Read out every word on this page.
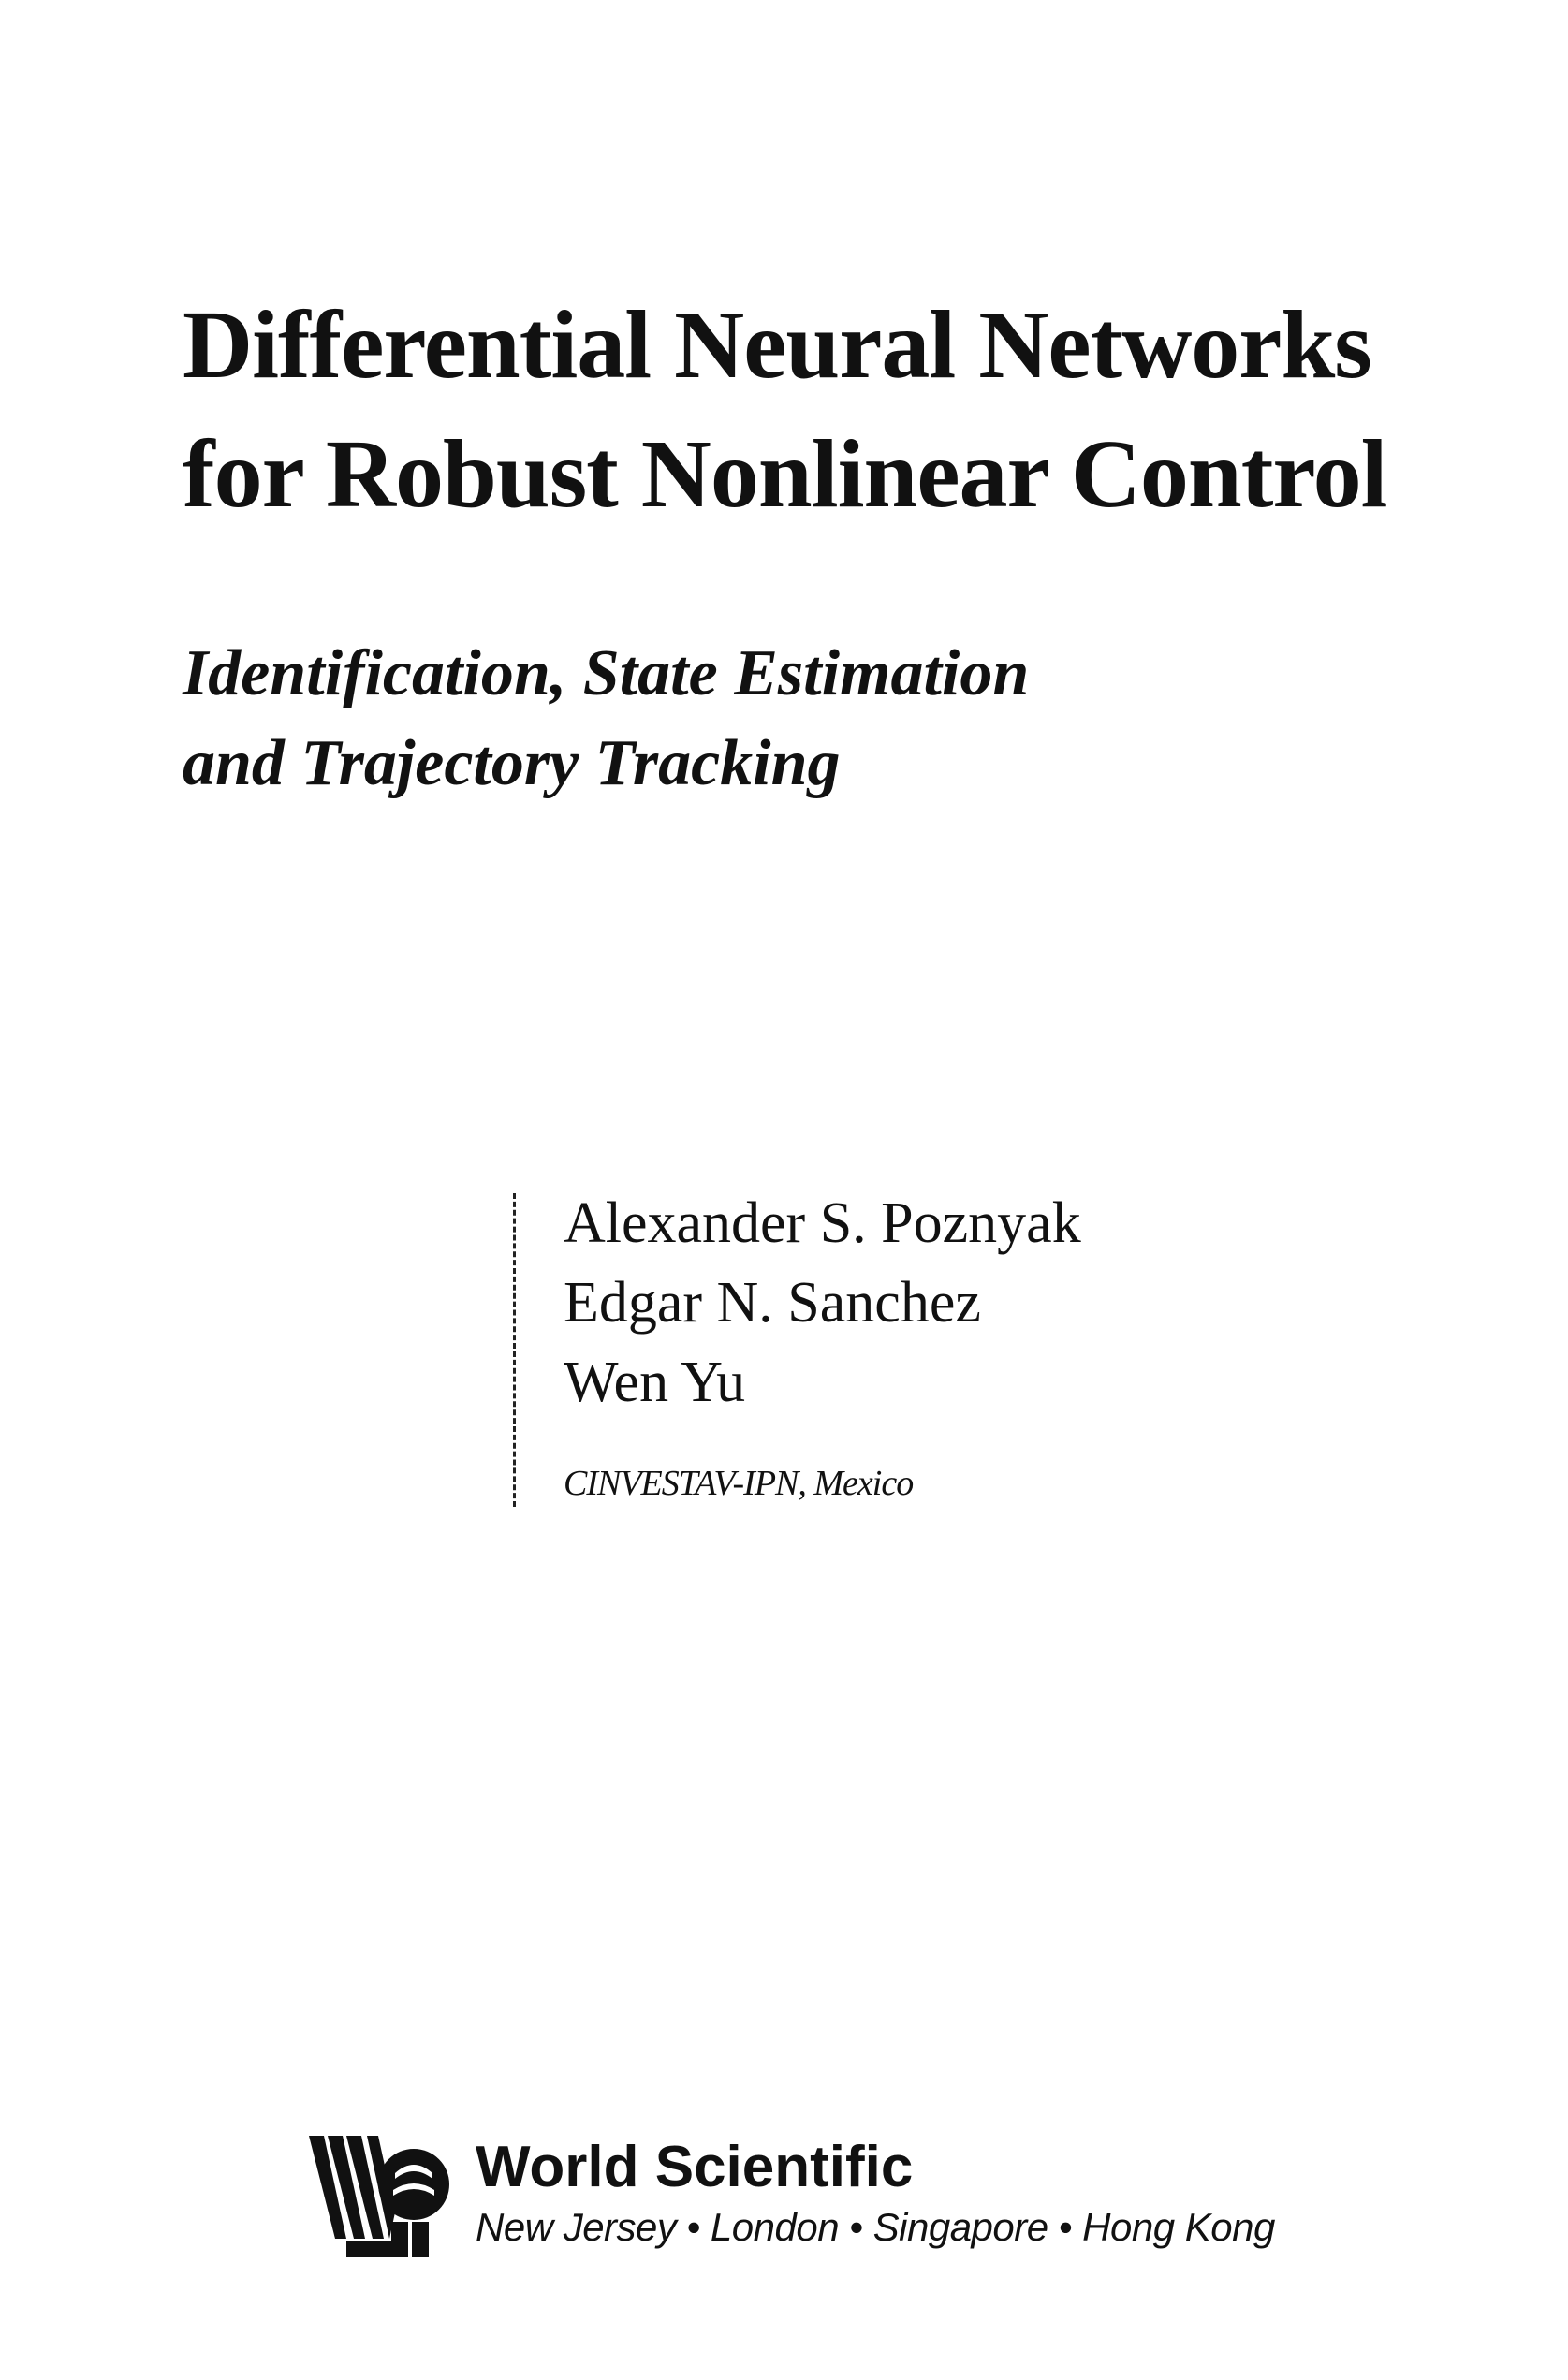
Differential Neural Networks

for Robust Nonlinear Control

Identification, State Estimation

and Trajectory Tracking

Alexander S. Poznyak

Edgar N. Sanchez

Wen Yu

CINVESTAV-IPN, Mexico
World Scientific
New Jersey • London • Singapore • Hong Kong
